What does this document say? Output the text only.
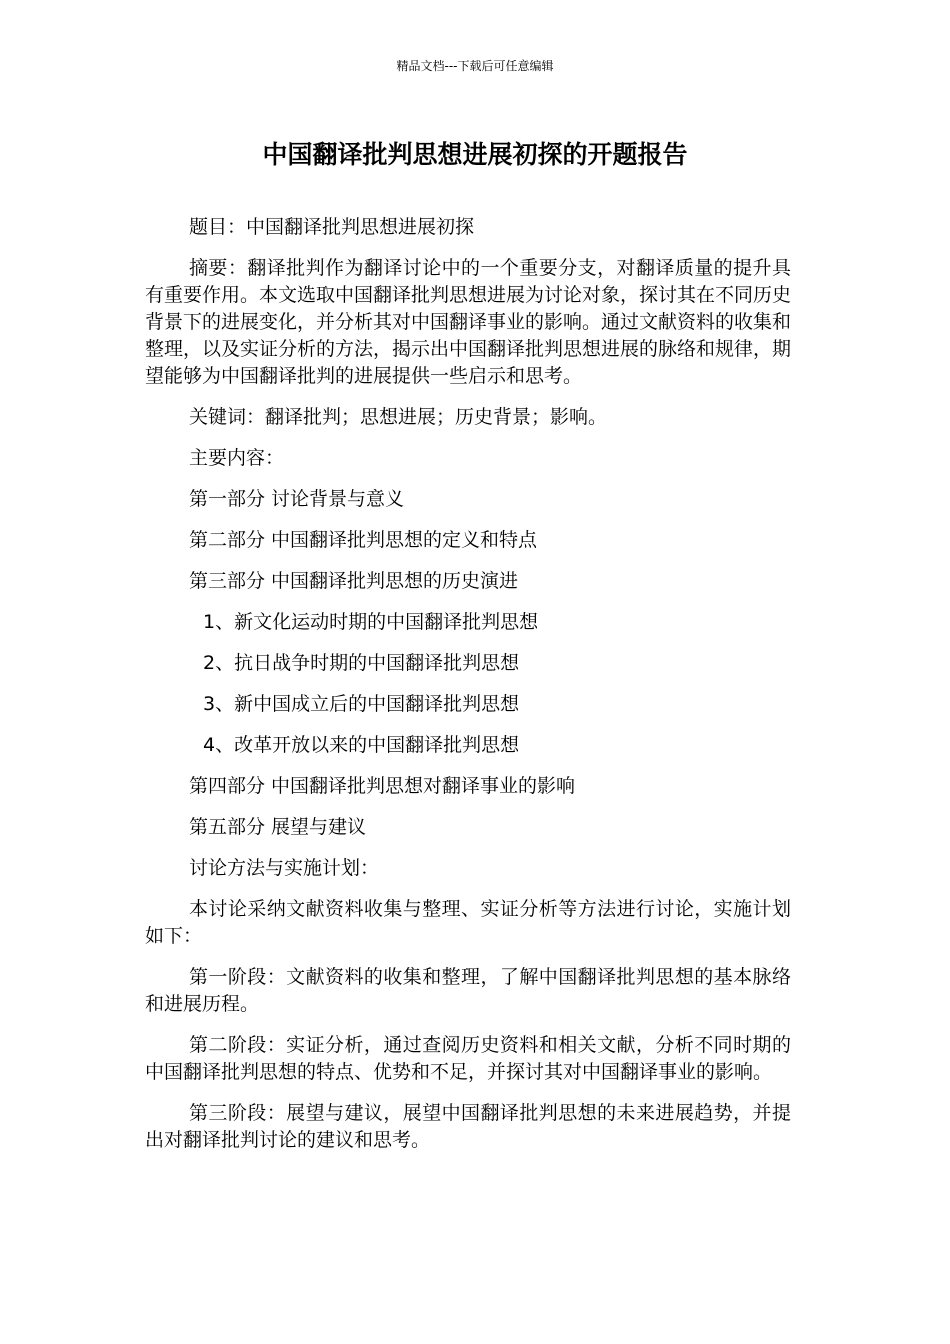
精品文档---下载后可任意编辑
中国翻译批判思想进展初探的开题报告
题目：中国翻译批判思想进展初探

摘要：翻译批判作为翻译讨论中的一个重要分支，对翻译质量的提升具有重要作用。本文选取中国翻译批判思想进展为讨论对象，探讨其在不同历史背景下的进展变化，并分析其对中国翻译事业的影响。通过文献资料的收集和整理，以及实证分析的方法，揭示出中国翻译批判思想进展的脉络和规律，期望能够为中国翻译批判的进展提供一些启示和思考。

关键词：翻译批判；思想进展；历史背景；影响。
主要内容：
第一部分 讨论背景与意义
第二部分 中国翻译批判思想的定义和特点
第三部分 中国翻译批判思想的历史演进
1、新文化运动时期的中国翻译批判思想
2、抗日战争时期的中国翻译批判思想
3、新中国成立后的中国翻译批判思想
4、改革开放以来的中国翻译批判思想
第四部分 中国翻译批判思想对翻译事业的影响
第五部分 展望与建议
讨论方法与实施计划：

本讨论采纳文献资料收集与整理、实证分析等方法进行讨论，实施计划如下：

第一阶段：文献资料的收集和整理，了解中国翻译批判思想的基本脉络和进展历程。

第二阶段：实证分析，通过查阅历史资料和相关文献，分析不同时期的中国翻译批判思想的特点、优势和不足，并探讨其对中国翻译事业的影响。

第三阶段：展望与建议，展望中国翻译批判思想的未来进展趋势，并提出对翻译批判讨论的建议和思考。
